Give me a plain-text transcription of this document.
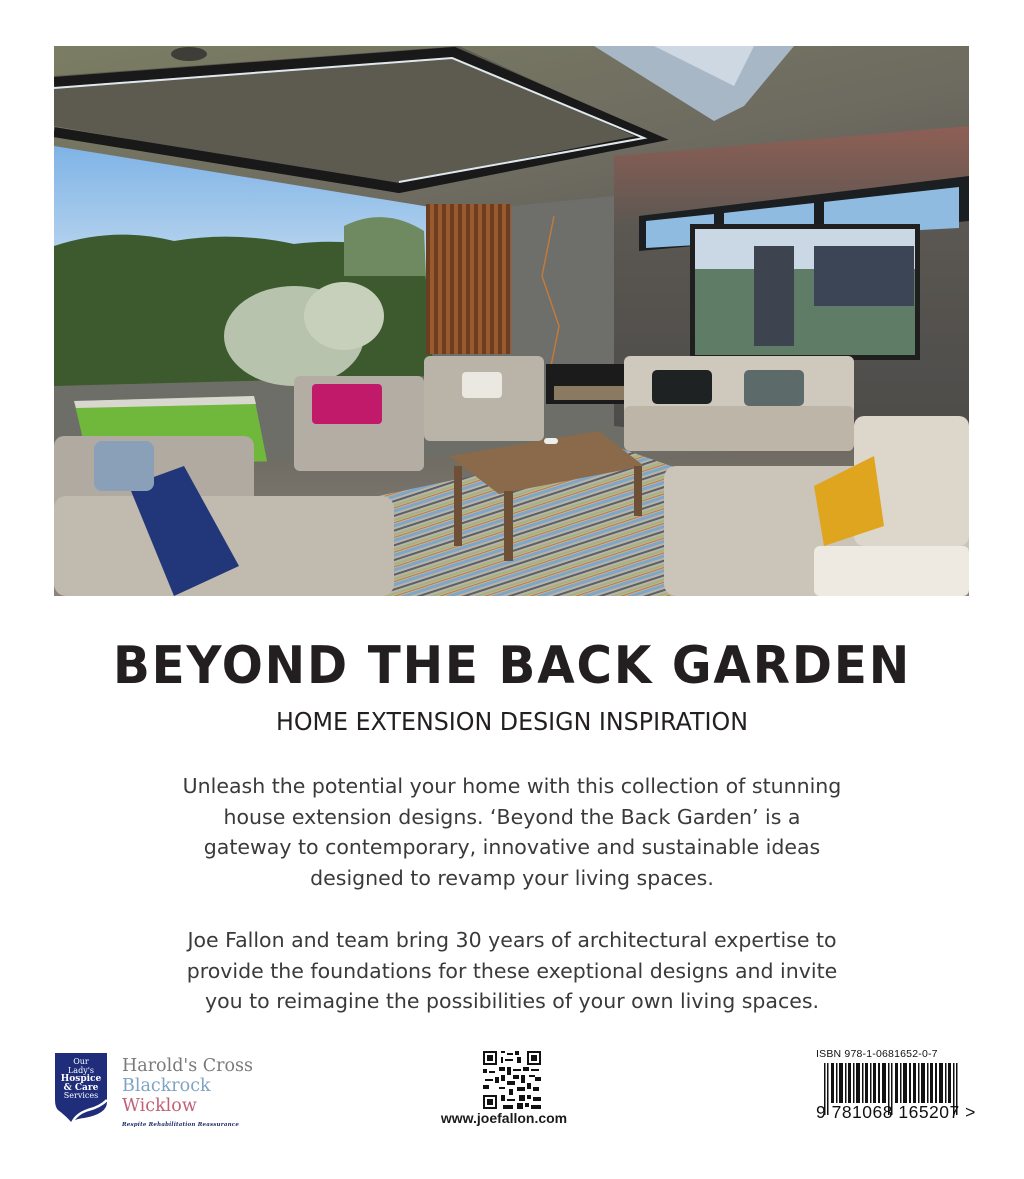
BEYOND THE BACK GARDEN
HOME EXTENSION DESIGN INSPIRATION

Unleash the potential your home with this collection of stunning
house extension designs. ‘Beyond the Back Garden’ is a
gateway to contemporary, innovative and sustainable ideas
designed to revamp your living spaces.

Joe Fallon and team bring 30 years of architectural expertise to
provide the foundations for these exeptional designs and invite
you to reimagine the possibilities of your own living spaces.

Our
Lady's
Hospice
& Care
Services
Harold's Cross
Blackrock
Wicklow
Respite Rehabilitation Reassurance	www.joefallon.com
ISBN 978-1-0681652-0-7
9 781068 165207 >
